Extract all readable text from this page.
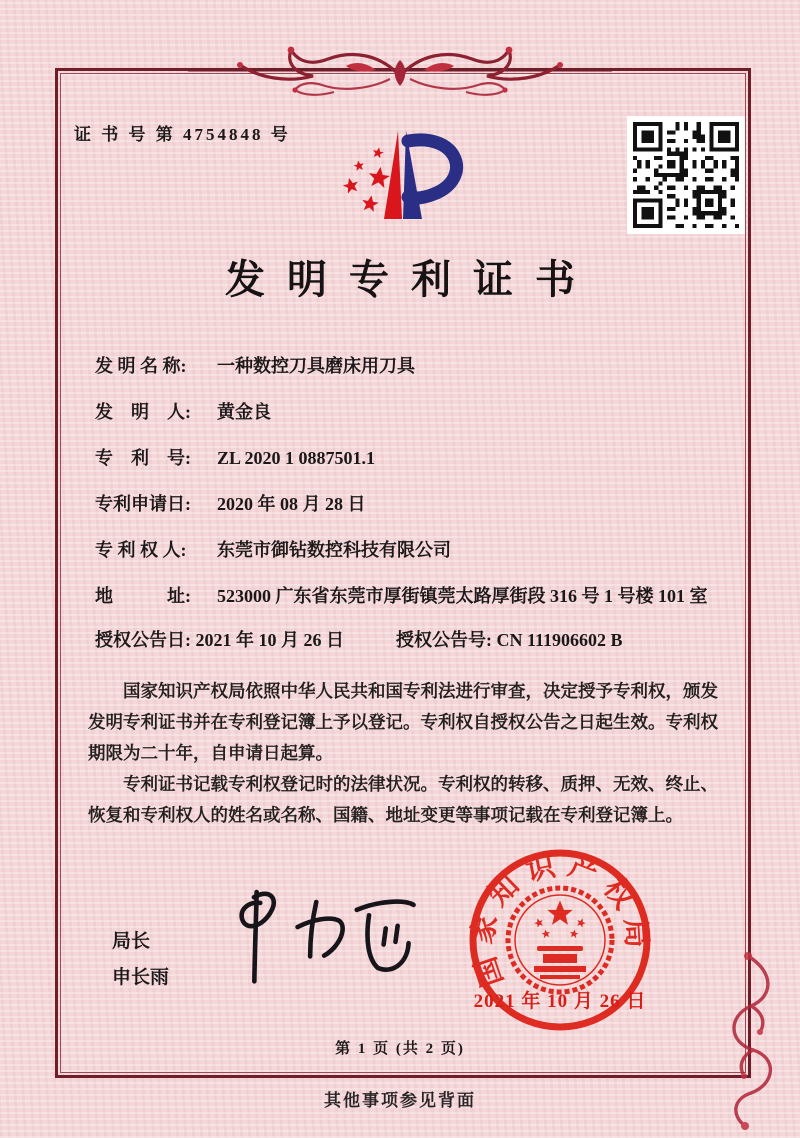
证 书 号 第 4754848 号
发明专利证书
发 明 名 称:	一种数控刀具磨床用刀具
发　明　人:	黄金良
专　利　号:	ZL 2020 1 0887501.1
专利申请日:	2020 年 08 月 28 日
专 利 权 人:	东莞市御钻数控科技有限公司
地　　　址:	523000 广东省东莞市厚街镇莞太路厚街段 316 号 1 号楼 101 室
授权公告日: 2021 年 10 月 26 日	授权公告号: CN 111906602 B

国家知识产权局依照中华人民共和国专利法进行审查，决定授予专利权，颁发发明专利证书并在专利登记簿上予以登记。专利权自授权公告之日起生效。专利权期限为二十年，自申请日起算。

专利证书记载专利权登记时的法律状况。专利权的转移、质押、无效、终止、恢复和专利权人的姓名或名称、国籍、地址变更等事项记载在专利登记簿上。

局长
申长雨	国家知识产权局
2021 年 10 月 26 日
第 1 页 (共 2 页)
其他事项参见背面
